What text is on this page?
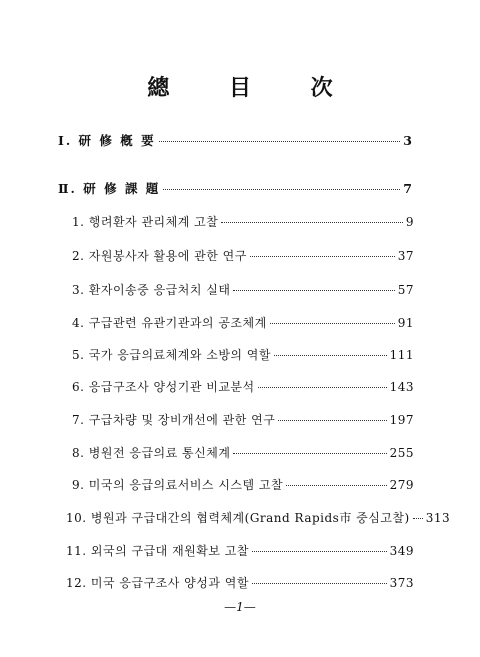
總 目 次
Ⅰ. 研 修 槪 要	3
Ⅱ. 研 修 課 題	7
1. 행려환자 관리체계 고찰	9
2. 자원봉사자 활용에 관한 연구	37
3. 환자이송중 응급처치 실태	57
4. 구급관련 유관기관과의 공조체계	91
5. 국가 응급의료체계와 소방의 역할	111
6. 응급구조사 양성기관 비교분석	143
7. 구급차량 및 장비개선에 관한 연구	197
8. 병원전 응급의료 통신체계	255
9. 미국의 응급의료서비스 시스템 고찰	279
10. 병원과 구급대간의 협력체계(Grand Rapids市 중심고찰) 313
11. 외국의 구급대 재원확보 고찰	349
12. 미국 응급구조사 양성과 역할	373
—1—
